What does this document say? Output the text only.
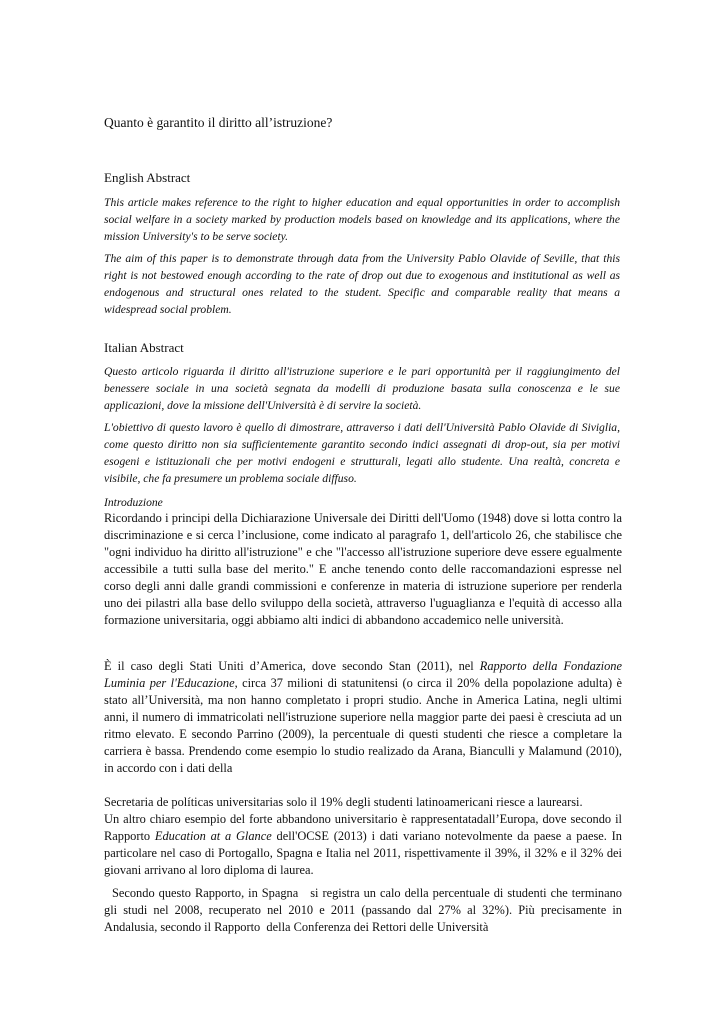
Quanto è garantito il diritto all’istruzione?
English Abstract

This article makes reference to the right to higher education and equal opportunities in order to accomplish social welfare in a society marked by production models based on knowledge and its applications, where the mission University's to be serve society.

The aim of this paper is to demonstrate through data from the University Pablo Olavide of Seville, that this right is not bestowed enough according to the rate of drop out due to exogenous and institutional as well as endogenous and structural ones related to the student. Specific and comparable reality that means a widespread social problem.

Italian Abstract

Questo articolo riguarda il diritto all'istruzione superiore e le pari opportunità per il raggiungimento del benessere sociale in una società segnata da modelli di produzione basata sulla conoscenza e le sue applicazioni, dove la missione dell'Università è di servire la società.

L'obiettivo di questo lavoro è quello di dimostrare, attraverso i dati dell'Università Pablo Olavide di Siviglia, come questo diritto non sia sufficientemente garantito secondo indici assegnati di drop-out, sia per motivi esogeni e istituzionali che per motivi endogeni e strutturali, legati allo studente. Una realtà, concreta e visibile, che fa presumere un problema sociale diffuso.

Introduzione

Ricordando i principi della Dichiarazione Universale dei Diritti dell'Uomo (1948) dove si lotta contro la discriminazione e si cerca l’inclusione, come indicato al paragrafo 1, dell'articolo 26, che stabilisce che "ogni individuo ha diritto all'istruzione" e che "l'accesso all'istruzione superiore deve essere egualmente accessibile a tutti sulla base del merito." E anche tenendo conto delle raccomandazioni espresse nel corso degli anni dalle grandi commissioni e conferenze in materia di istruzione superiore per renderla uno dei pilastri alla base dello sviluppo della società, attraverso l'uguaglianza e l'equità di accesso alla formazione universitaria, oggi abbiamo alti indici di abbandono accademico nelle università.

È il caso degli Stati Uniti d’America, dove secondo Stan (2011), nel Rapporto della Fondazione Luminia per l'Educazione, circa 37 milioni di statunitensi (o circa il 20% della popolazione adulta) è stato all’Università, ma non hanno completato i propri studio. Anche in America Latina, negli ultimi anni, il numero di immatricolati nell'istruzione superiore nella maggior parte dei paesi è cresciuta ad un ritmo elevato. E secondo Parrino (2009), la percentuale di questi studenti che riesce a completare la carriera è bassa. Prendendo come esempio lo studio realizado da Arana, Bianculli y Malamund (2010), in accordo con i dati della

Secretaria de políticas universitarias solo il 19% degli studenti latinoamericani riesce a laurearsi.

Un altro chiaro esempio del forte abbandono universitario è rappresentatadall’Europa, dove secondo il Rapporto Education at a Glance dell'OCSE (2013) i dati variano notevolmente da paese a paese. In particolare nel caso di Portogallo, Spagna e Italia nel 2011, rispettivamente il 39%, il 32% e il 32% dei giovani arrivano al loro diploma di laurea.

Secondo questo Rapporto, in Spagna   si registra un calo della percentuale di studenti che terminano gli studi nel 2008, recuperato nel 2010 e 2011 (passando dal 27% al 32%). Più precisamente in Andalusia, secondo il Rapporto  della Conferenza dei Rettori delle Università
